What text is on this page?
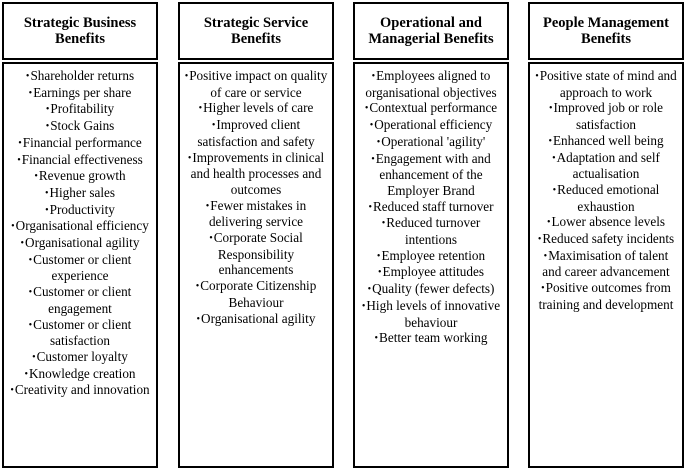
Strategic Business Benefits
• Shareholder returns
• Earnings per share
• Profitability
• Stock Gains
• Financial performance
• Financial effectiveness
• Revenue growth
• Higher sales
• Productivity
• Organisational efficiency
• Organisational agility
• Customer or client experience
• Customer or client engagement
• Customer or client satisfaction
• Customer loyalty
• Knowledge creation
• Creativity and innovation
Strategic Service Benefits
• Positive impact on quality of care or service
• Higher levels of care
• Improved client satisfaction and safety
• Improvements in clinical and health processes and outcomes
• Fewer mistakes in delivering service
• Corporate Social Responsibility enhancements
• Corporate Citizenship Behaviour
• Organisational agility
Operational and Managerial Benefits
• Employees aligned to organisational objectives
• Contextual performance
• Operational efficiency
• Operational 'agility'
• Engagement with and enhancement of the Employer Brand
• Reduced staff turnover
• Reduced turnover intentions
• Employee retention
• Employee attitudes
• Quality (fewer defects)
• High levels of innovative behaviour
• Better team working
People Management Benefits
• Positive state of mind and approach to work
• Improved job or role satisfaction
• Enhanced well being
• Adaptation and self actualisation
• Reduced emotional exhaustion
• Lower absence levels
• Reduced safety incidents
• Maximisation of talent and career advancement
• Positive outcomes from training and development
